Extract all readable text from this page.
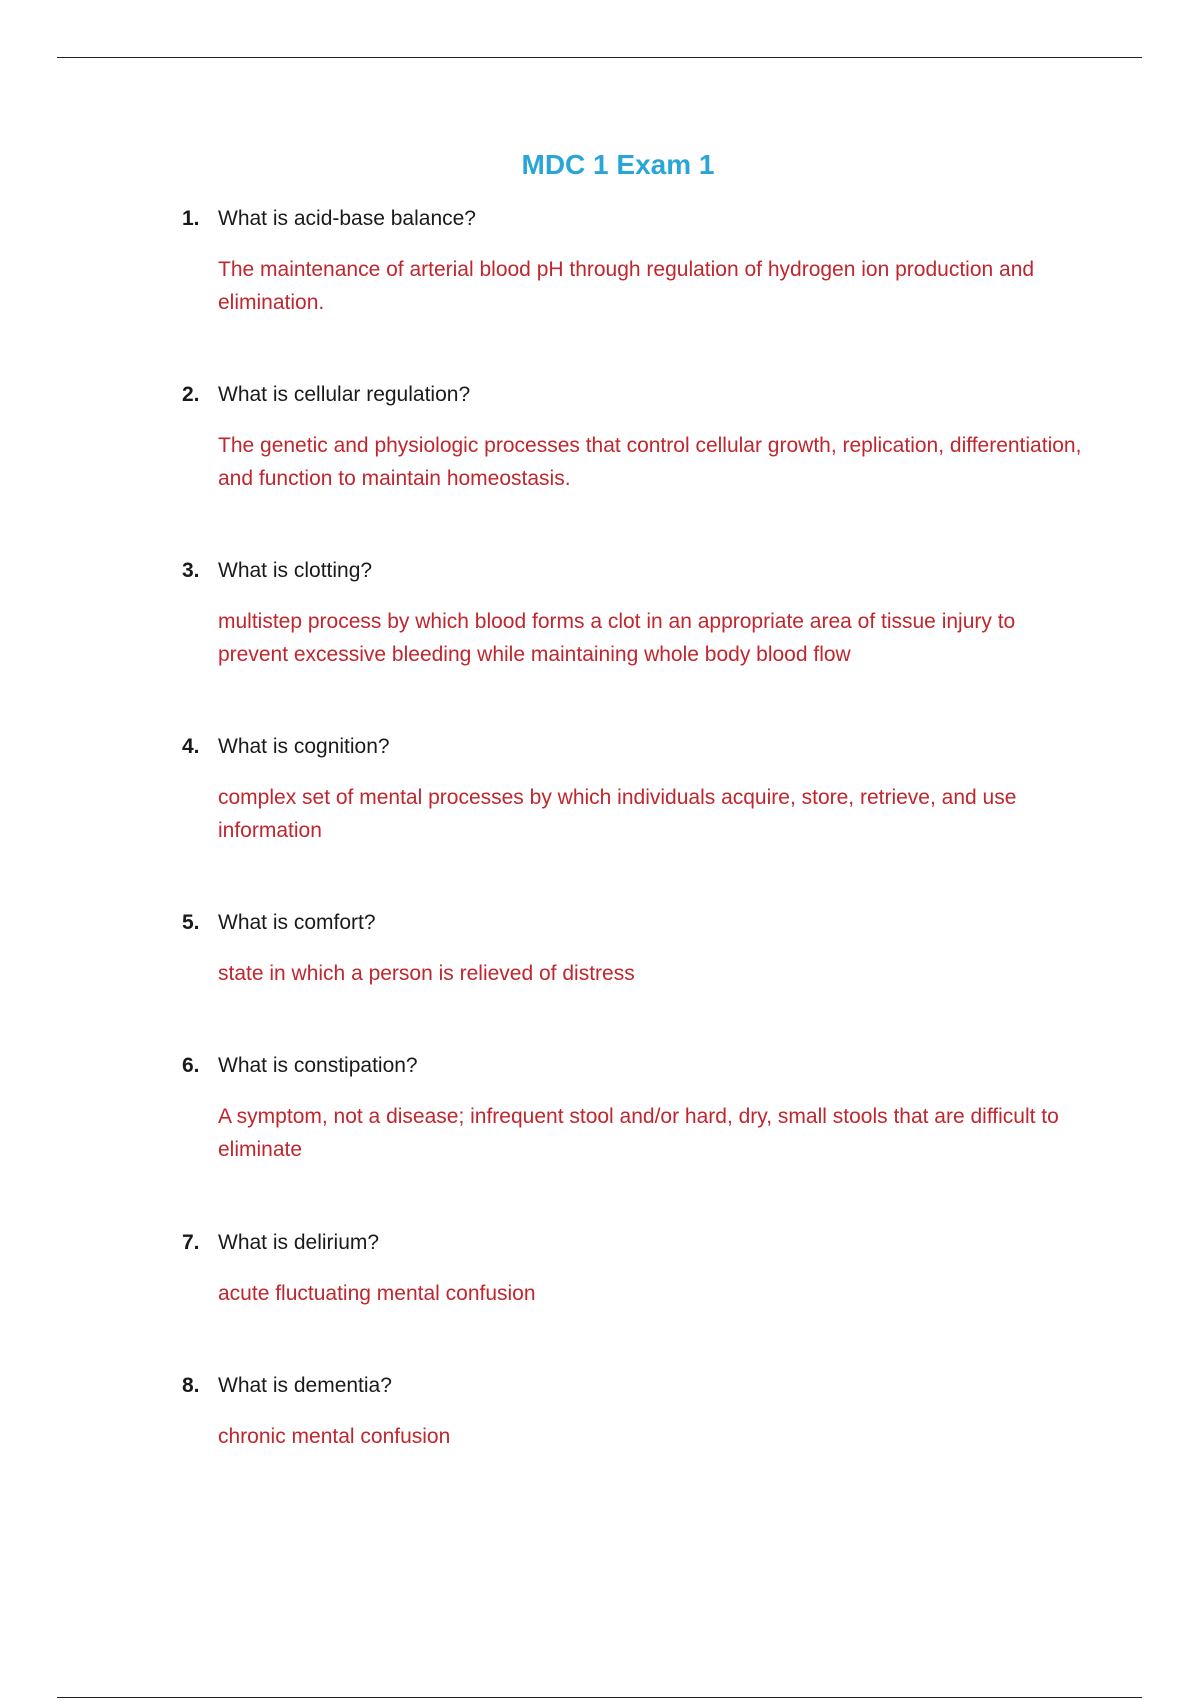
MDC 1 Exam 1
1. What is acid-base balance?
The maintenance of arterial blood pH through regulation of hydrogen ion production and elimination.
2. What is cellular regulation?
The genetic and physiologic processes that control cellular growth, replication, differentiation, and function to maintain homeostasis.
3. What is clotting?
multistep process by which blood forms a clot in an appropriate area of tissue injury to prevent excessive bleeding while maintaining whole body blood flow
4. What is cognition?
complex set of mental processes by which individuals acquire, store, retrieve, and use information
5. What is comfort?
state in which a person is relieved of distress
6. What is constipation?
A symptom, not a disease; infrequent stool and/or hard, dry, small stools that are difficult to eliminate
7. What is delirium?
acute fluctuating mental confusion
8. What is dementia?
chronic mental confusion
